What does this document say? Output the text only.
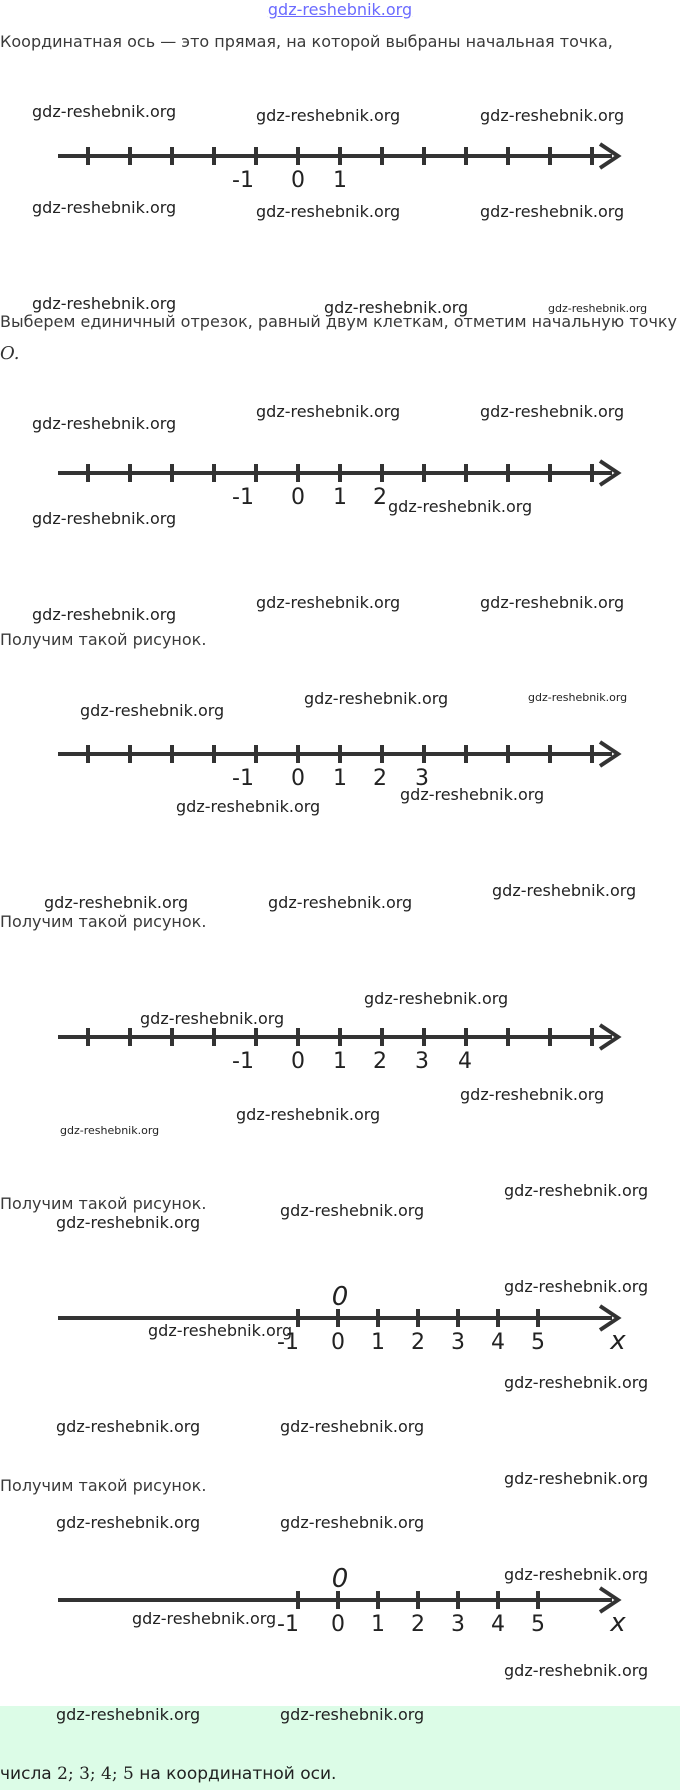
gdz-reshebnik.org
Координатная ось — это прямая, на которой выбраны начальная точка,
-1 0 1
Выберем единичный отрезок, равный двум клеткам, отметим начальную точку
O.
-1 0 1 2
Получим такой рисунок.
-1 0 1 2 3
Получим такой рисунок.
-1 0 1 2 3 4
Получим такой рисунок.
-1 0 1 2 3 4 5
0
x
Получим такой рисунок.
-1 0 1 2 3 4 5
0
x
числа 2; 3; 4; 5 на координатной оси.
gdz-reshebnik.org	gdz-reshebnik.org	gdz-reshebnik.org
gdz-reshebnik.org	gdz-reshebnik.org	gdz-reshebnik.org
gdz-reshebnik.org	gdz-reshebnik.org	gdz-reshebnik.org
gdz-reshebnik.org	gdz-reshebnik.org
gdz-reshebnik.org
gdz-reshebnik.org
gdz-reshebnik.org
gdz-reshebnik.org
gdz-reshebnik.org	gdz-reshebnik.org
gdz-reshebnik.org
gdz-reshebnik.org	gdz-reshebnik.org
gdz-reshebnik.org
gdz-reshebnik.org
gdz-reshebnik.org	gdz-reshebnik.org
gdz-reshebnik.org
gdz-reshebnik.org
gdz-reshebnik.org
gdz-reshebnik.org
gdz-reshebnik.org
gdz-reshebnik.org
gdz-reshebnik.org
gdz-reshebnik.org
gdz-reshebnik.org
gdz-reshebnik.org
gdz-reshebnik.org
gdz-reshebnik.org
gdz-reshebnik.org	gdz-reshebnik.org
gdz-reshebnik.org
gdz-reshebnik.org	gdz-reshebnik.org
gdz-reshebnik.org
gdz-reshebnik.org
gdz-reshebnik.org
gdz-reshebnik.org	gdz-reshebnik.org
